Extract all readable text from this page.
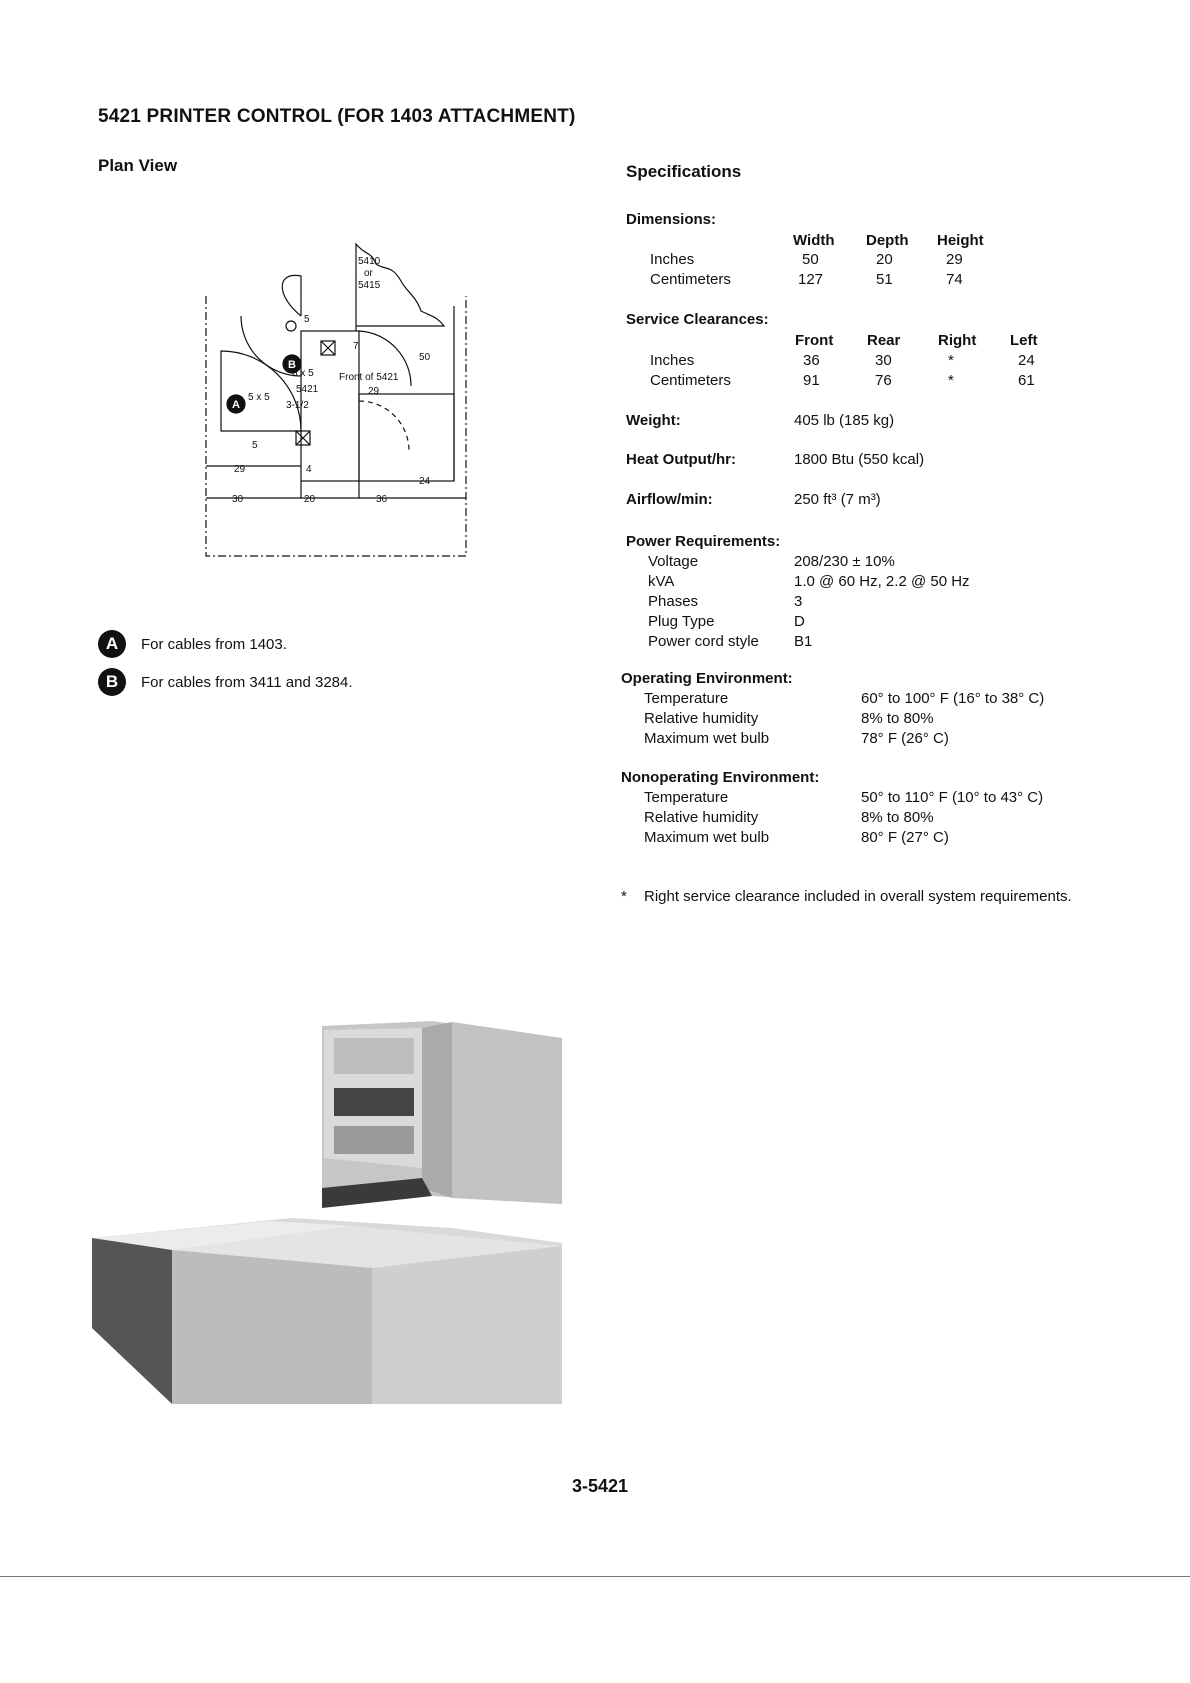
5421 PRINTER CONTROL (FOR 1403 ATTACHMENT)
Plan View
5410
or
5415
5
7
50
6 x 5
5421
Front of 5421
5 x 5
29
3-1/2
5
4
29
24
30	20	36
B
A
A	For cables from 1403.
B	For cables from 3411 and 3284.
Specifications
Dimensions:
Width Depth Height
Inches	50	20	29
Centimeters	127	51	74
Service Clearances:
Front Rear	Right Left
Inches	36	30	*	24
Centimeters	91	76	*	61
Weight:	405 lb (185 kg)
Heat Output/hr:	1800 Btu (550 kcal)
Airflow/min:	250 ft³ (7 m³)
Power Requirements:
Voltage	208/230 ± 10%
kVA	1.0 @ 60 Hz, 2.2 @ 50 Hz
Phases	3
Plug Type	D
Power cord style B1
Operating Environment:
Temperature	60° to 100° F (16° to 38° C)
Relative humidity	8% to 80%
Maximum wet bulb	78° F (26° C)
Nonoperating Environment:
Temperature	50° to 110° F (10° to 43° C)
Relative humidity	8% to 80%
Maximum wet bulb	80° F (27° C)
* Right service clearance included in overall system requirements.
3-5421
